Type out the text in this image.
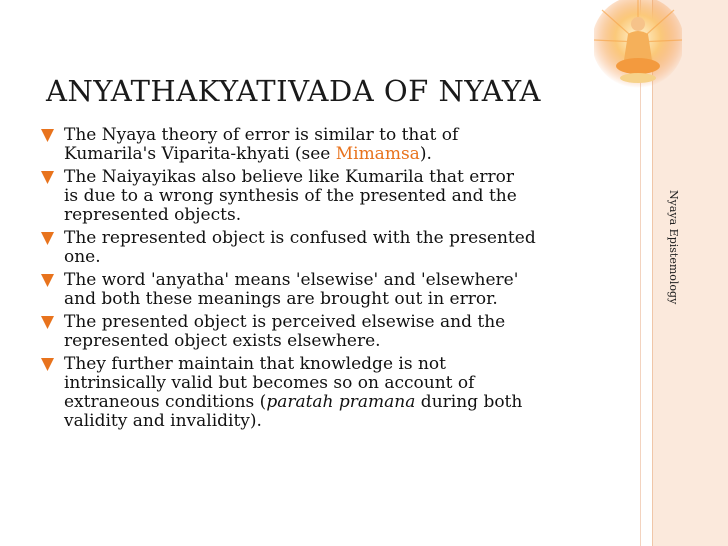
ANYATHAKYATIVADA OF NYAYA
The Nyaya theory of error is similar to that of
Kumarila's Viparita-khyati (see Mimamsa).
The Naiyayikas also believe like Kumarila that error
is due to a wrong synthesis of the presented and the
represented objects.
The represented object is confused with the presented
one.
The word 'anyatha' means 'elsewise' and 'elsewhere'
and both these meanings are brought out in error.
The presented object is perceived elsewise and the
represented object exists elsewhere.
They further maintain that knowledge is not
intrinsically valid but becomes so on account of
extraneous conditions (paratah pramana during both
validity and invalidity).
Nyaya Epistemology
